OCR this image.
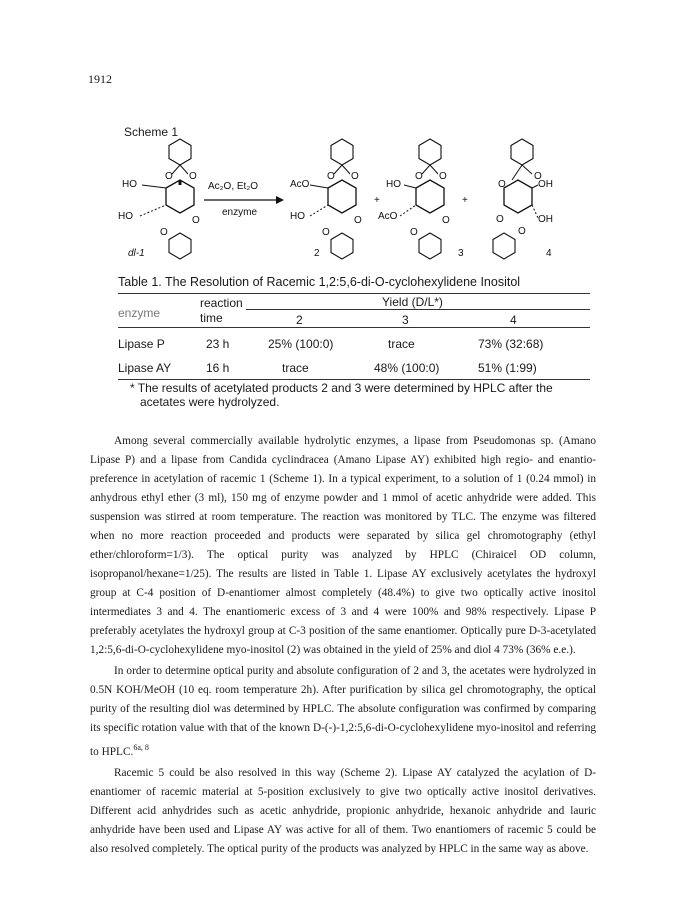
1912
Scheme 1
O O
HO
HO	O
O
dl-1
Ac₂O, Et₂O
enzyme
O O
AcO
HO	O
O
2
+
O O
HO
AcO	O
O
3
+
O
O	OH
O	OH
O
4
Table 1. The Resolution of Racemic 1,2:5,6-di-O-cyclohexylidene Inositol
enzyme
reaction
time
Yield (D/L*)
2	3	4
Lipase P	23 h	25% (100:0)	trace	73% (32:68)
Lipase AY	16 h	trace	48% (100:0)	51% (1:99)
* The results of acetylated products 2 and 3 were determined by HPLC after the
acetates were hydrolyzed.

Among several commercially available hydrolytic enzymes, a lipase from Pseudomonas sp. (Amano Lipase P) and a lipase from Candida cyclindracea (Amano Lipase AY) exhibited high regio- and enantio-preference in acetylation of racemic 1 (Scheme 1). In a typical experiment, to a solution of 1 (0.24 mmol) in anhydrous ethyl ether (3 ml), 150 mg of enzyme powder and 1 mmol of acetic anhydride were added. This suspension was stirred at room temperature. The reaction was monitored by TLC. The enzyme was filtered when no more reaction proceeded and products were separated by silica gel chromotography (ethyl ether/chloroform=1/3). The optical purity was analyzed by HPLC (Chiraicel OD column, isopropanol/hexane=1/25). The results are listed in Table 1. Lipase AY exclusively acetylates the hydroxyl group at C-4 position of D-enantiomer almost completely (48.4%) to give two optically active inositol intermediates 3 and 4. The enantiomeric excess of 3 and 4 were 100% and 98% respectively. Lipase P preferably acetylates the hydroxyl group at C-3 position of the same enantiomer. Optically pure D-3-acetylated 1,2:5,6-di-O-cyclohexylidene myo-inositol (2) was obtained in the yield of 25% and diol 4 73% (36% e.e.).

In order to determine optical purity and absolute configuration of 2 and 3, the acetates were hydrolyzed in 0.5N KOH/MeOH (10 eq. room temperature 2h). After purification by silica gel chromotography, the optical purity of the resulting diol was determined by HPLC. The absolute configuration was confirmed by comparing its specific rotation value with that of the known D-(-)-1,2:5,6-di-O-cyclohexylidene myo-inositol and referring to HPLC.$^{6a, 8}$

Racemic 5 could be also resolved in this way (Scheme 2). Lipase AY catalyzed the acylation of D-enantiomer of racemic material at 5-position exclusively to give two optically active inositol derivatives. Different acid anhydrides such as acetic anhydride, propionic anhydride, hexanoic anhydride and lauric anhydride have been used and Lipase AY was active for all of them. Two enantiomers of racemic 5 could be also resolved completely. The optical purity of the products was analyzed by HPLC in the same way as above.
